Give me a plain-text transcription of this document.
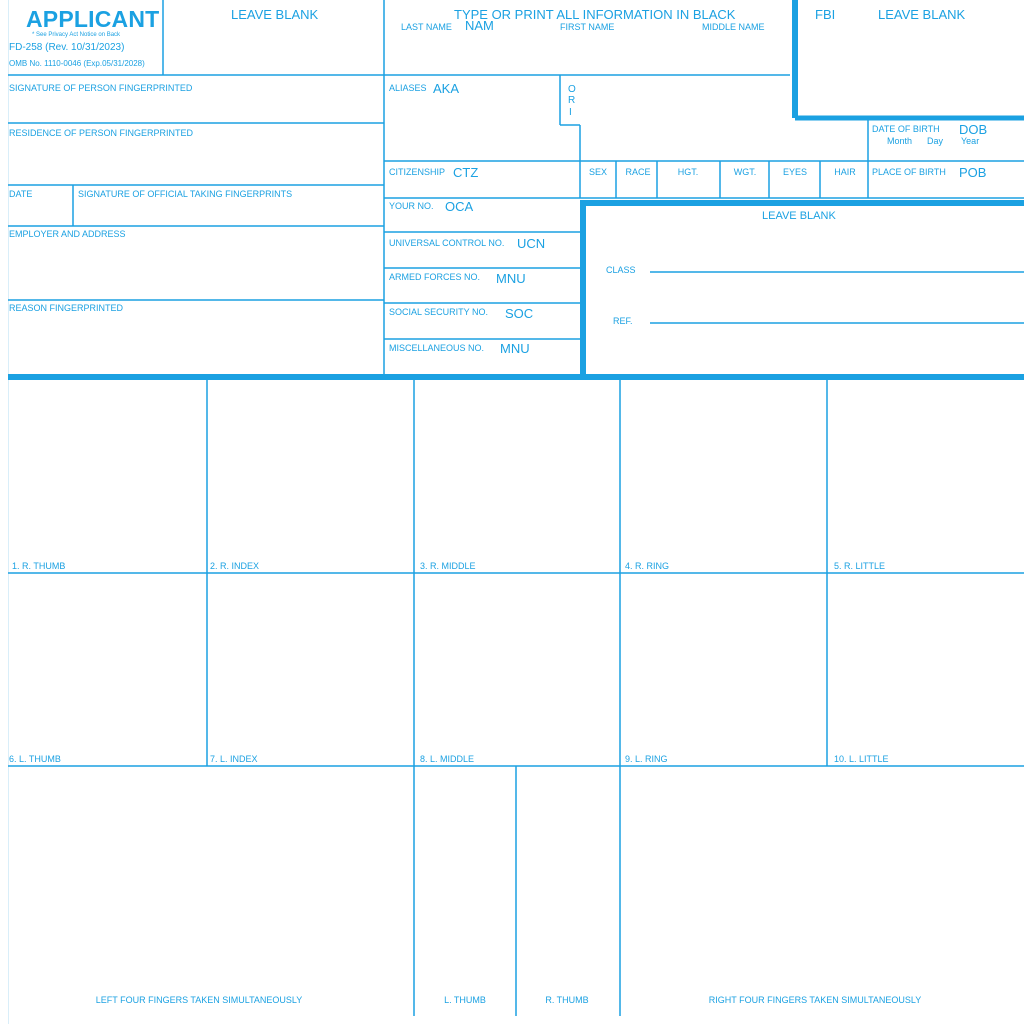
APPLICANT
* See Privacy Act Notice on Back
FD-258 (Rev. 10/31/2023)
OMB No. 1110-0046 (Exp.05/31/2028)
LEAVE BLANK	TYPE OR PRINT ALL INFORMATION IN BLACK	FBI	LEAVE BLANK
LAST NAME NAM	FIRST NAME	MIDDLE NAME
SIGNATURE OF PERSON FINGERPRINTED
RESIDENCE OF PERSON FINGERPRINTED
DATE	SIGNATURE OF OFFICIAL TAKING FINGERPRINTS
EMPLOYER AND ADDRESS
REASON FINGERPRINTED
ALIASES AKA	O
R
I
CITIZENSHIP CTZ
YOUR NO. OCA
UNIVERSAL CONTROL NO. UCN
ARMED FORCES NO. MNU
SOCIAL SECURITY NO. SOC
MISCELLANEOUS NO. MNU
SEX RACE	HGT.	WGT.	EYES	HAIR
DATE OF BIRTH DOB
Month Day Year
PLACE OF BIRTH POB
LEAVE BLANK
CLASS
REF.
1. R. THUMB	2. R. INDEX	3. R. MIDDLE	4. R. RING	5. R. LITTLE
6. L. THUMB	7. L. INDEX	8. L. MIDDLE	9. L. RING	10. L. LITTLE
LEFT FOUR FINGERS TAKEN SIMULTANEOUSLY	L. THUMB	R. THUMB	RIGHT FOUR FINGERS TAKEN SIMULTANEOUSLY
